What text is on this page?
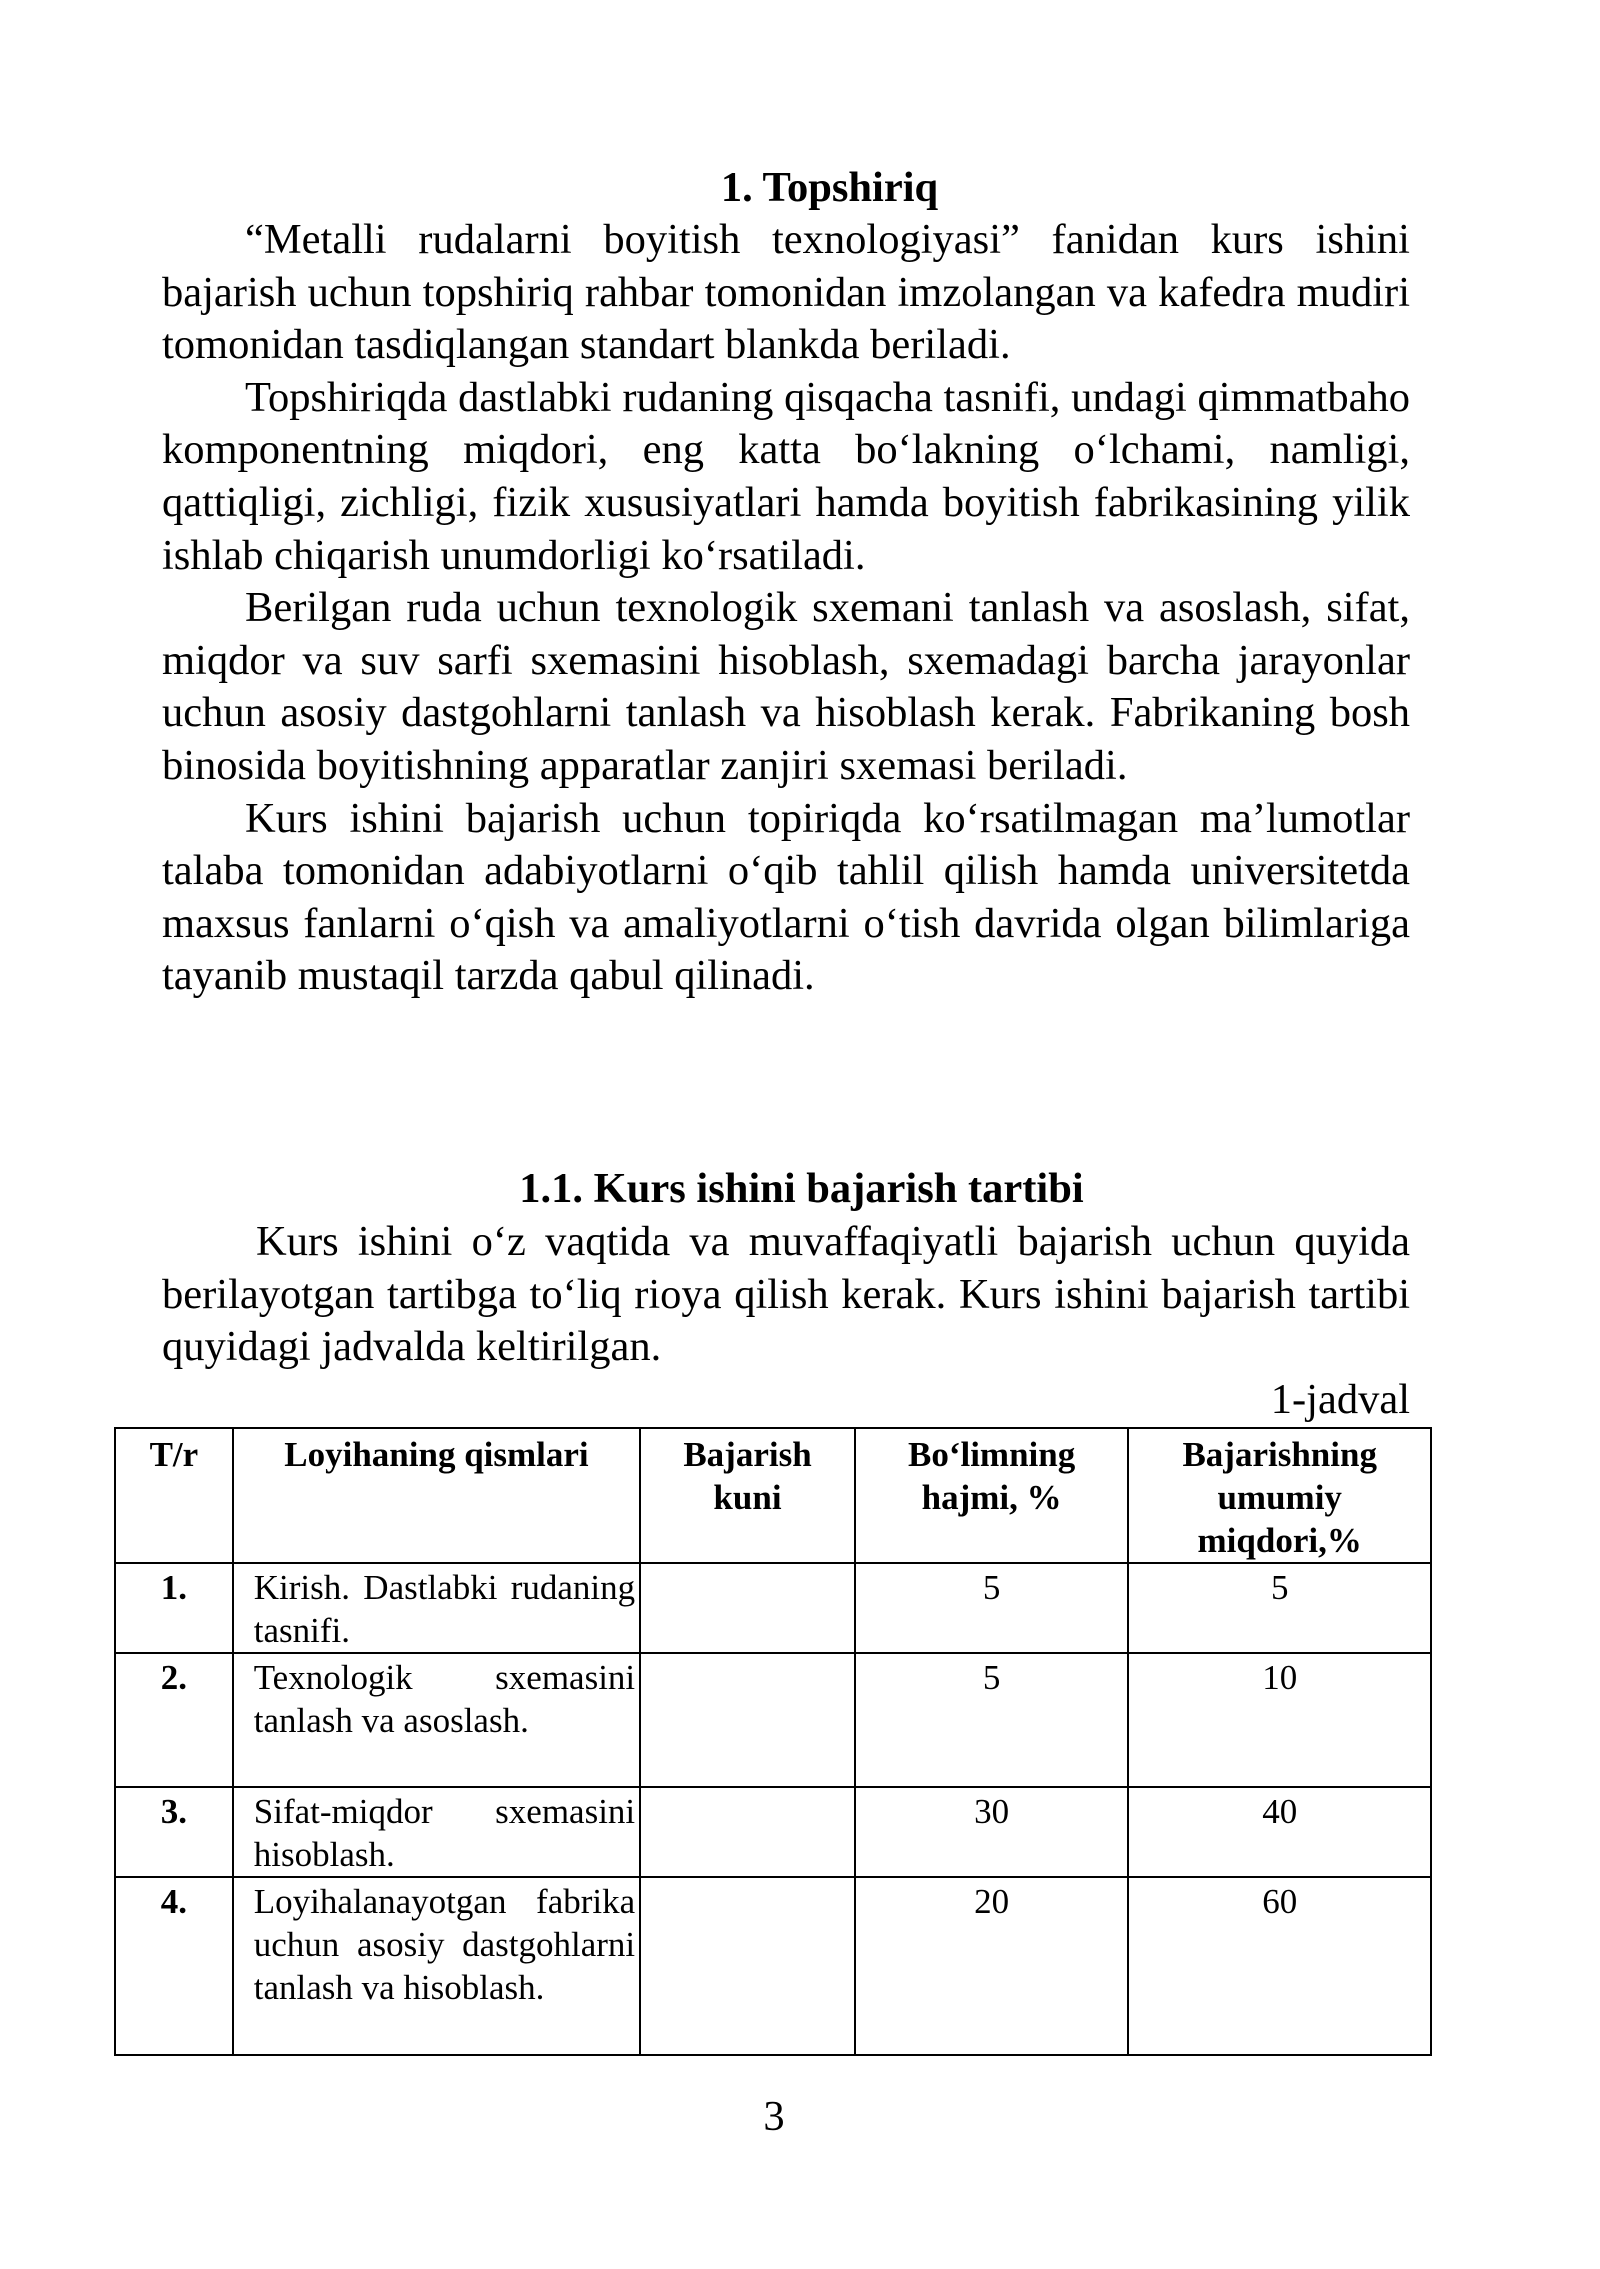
1. Topshiriq

“Metalli rudalarni boyitish texnologiyasi” fanidan kurs ishini bajarish uchun topshiriq rahbar tomonidan imzolangan va kafedra mudiri tomonidan tasdiqlangan standart blankda beriladi.

Topshiriqda dastlabki rudaning qisqacha tasnifi, undagi qimmatbaho komponentning miqdori, eng katta bo‘lakning o‘lchami, namligi, qattiqligi, zichligi, fizik xususiyatlari hamda boyitish fabrikasining yilik ishlab chiqarish unumdorligi ko‘rsatiladi.

Berilgan ruda uchun texnologik sxemani tanlash va asoslash, sifat, miqdor va suv sarfi sxemasini hisoblash, sxemadagi barcha jarayonlar uchun asosiy dastgohlarni tanlash va hisoblash kerak. Fabrikaning bosh binosida boyitishning apparatlar zanjiri sxemasi beriladi.

Kurs ishini bajarish uchun topiriqda ko‘rsatilmagan ma’lumotlar talaba tomonidan adabiyotlarni o‘qib tahlil qilish hamda universitetda maxsus fanlarni o‘qish va amaliyotlarni o‘tish davrida olgan bilimlariga tayanib mustaqil tarzda qabul qilinadi.

1.1. Kurs ishini bajarish tartibi

Kurs ishini o‘z vaqtida va muvaffaqiyatli bajarish uchun quyida berilayotgan tartibga to‘liq rioya qilish kerak. Kurs ishini bajarish tartibi quyidagi jadvalda keltirilgan.

1-jadval
T/r	Loyihaning qismlari	Bajarish kuni	Bo‘limning hajmi, %	Bajarishning umumiy miqdori,%
1.	Kirish. Dastlabki rudaning tasnifi.		5	5
2.	Texnologik sxemasini tanlash va asoslash.		5	10
3.	Sifat-miqdor sxemasini hisoblash.		30	40
4.	Loyihalanayotgan fabrika uchun asosiy dastgohlarni tanlash va hisoblash.		20	60
3
